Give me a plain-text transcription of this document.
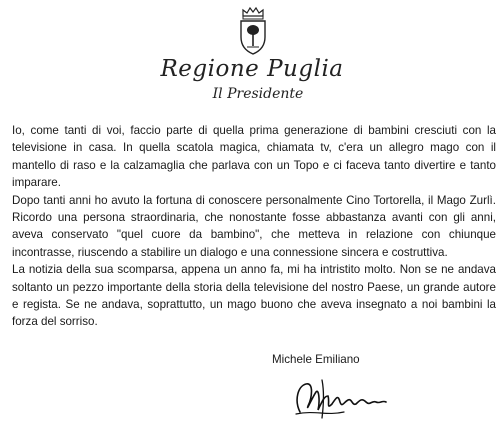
Regione Puglia
Il Presidente

Io, come tanti di voi, faccio parte di quella prima generazione di bambini cresciuti con la televisione in casa. In quella scatola magica, chiamata tv, c'era un allegro mago con il mantello di raso e la calzamaglia che parlava con un Topo e ci faceva tanto divertire e tanto imparare.

Dopo tanti anni ho avuto la fortuna di conoscere personalmente Cino Tortorella, il Mago Zurlì. Ricordo una persona straordinaria, che nonostante fosse abbastanza avanti con gli anni, aveva conservato "quel cuore da bambino", che metteva in relazione con chiunque incontrasse, riuscendo a stabilire un dialogo e una connessione sincera e costruttiva.

La notizia della sua scomparsa, appena un anno fa, mi ha intristito molto. Non se ne andava soltanto un pezzo importante della storia della televisione del nostro Paese, un grande autore e regista. Se ne andava, soprattutto, un mago buono che aveva insegnato a noi bambini la forza del sorriso.

Michele Emiliano
